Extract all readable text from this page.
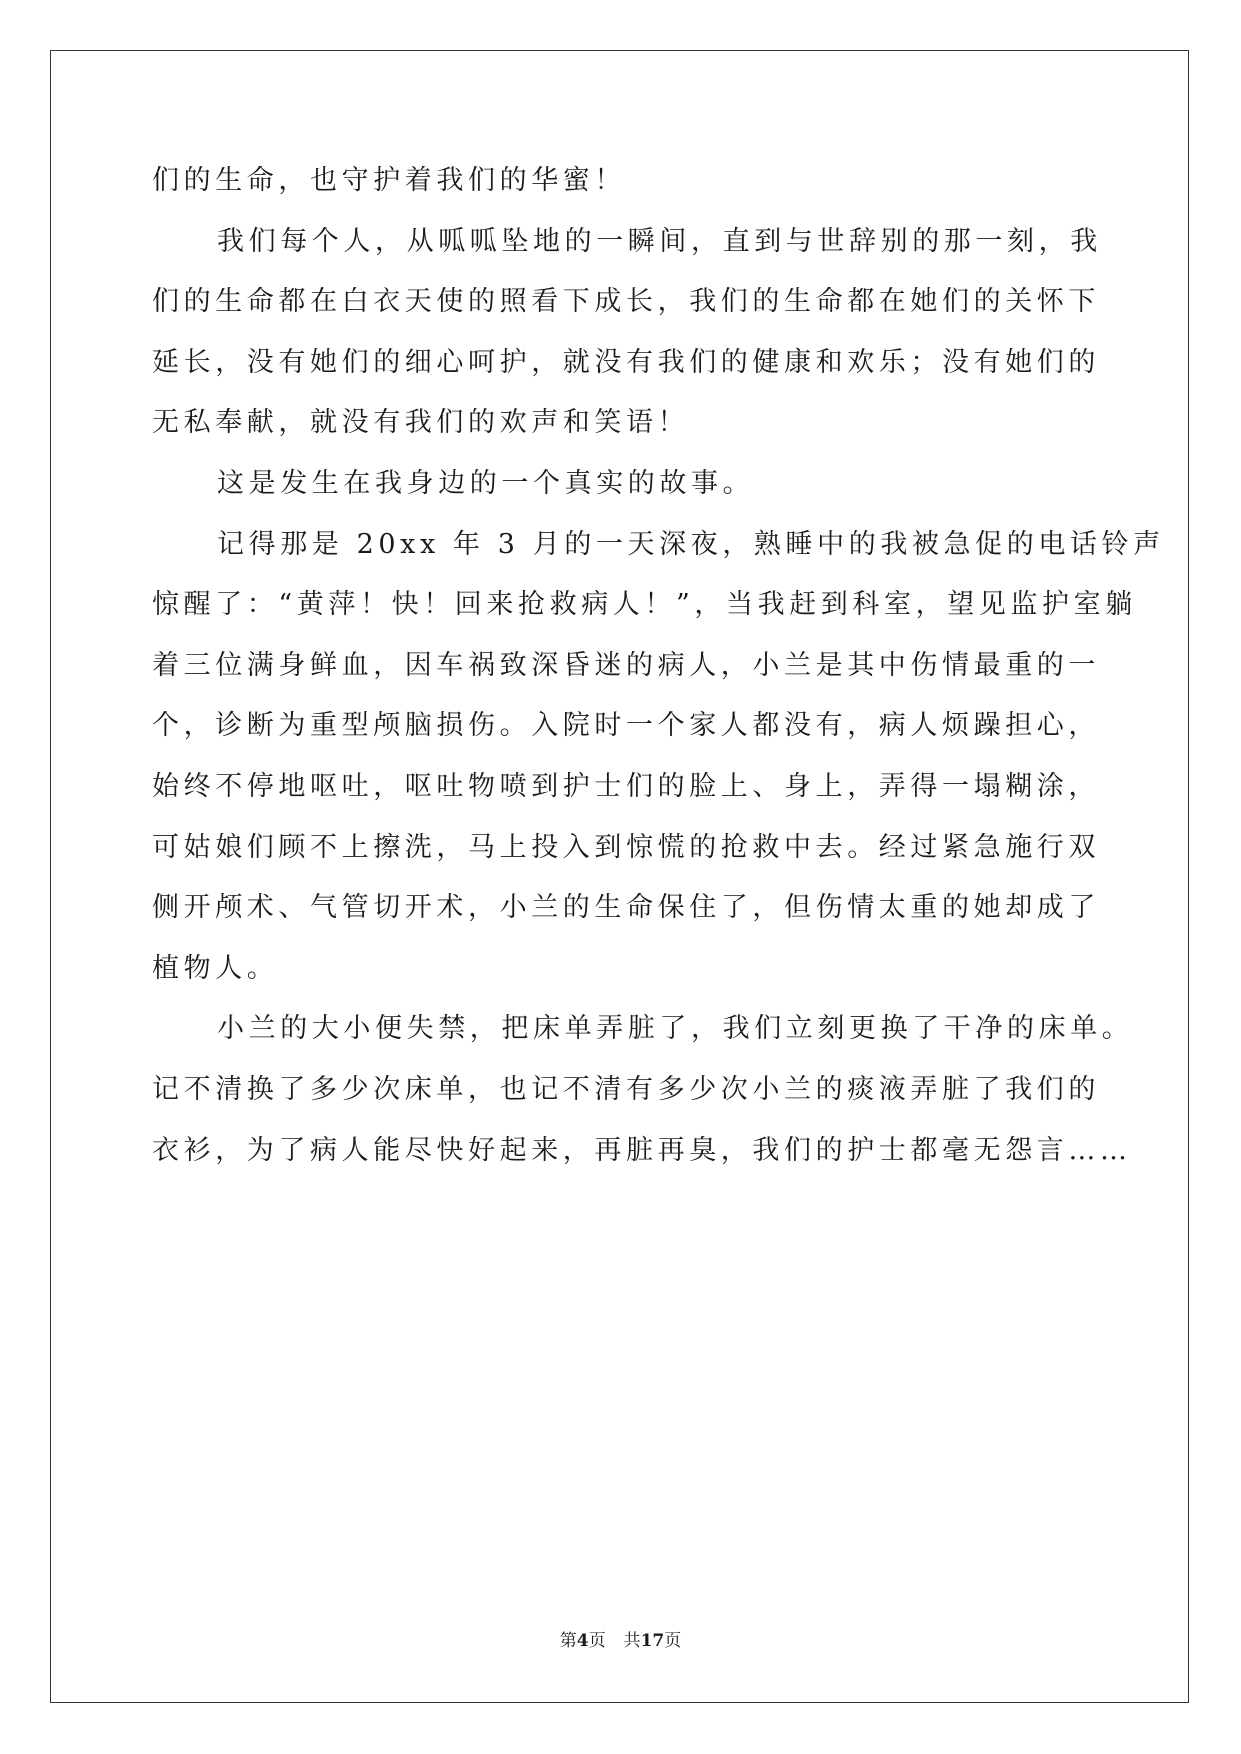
们的生命，也守护着我们的华蜜！
我们每个人，从呱呱坠地的一瞬间，直到与世辞别的那一刻，我
们的生命都在白衣天使的照看下成长，我们的生命都在她们的关怀下
延长，没有她们的细心呵护，就没有我们的健康和欢乐；没有她们的
无私奉献，就没有我们的欢声和笑语！
这是发生在我身边的一个真实的故事。
记得那是 20xx 年 3 月的一天深夜，熟睡中的我被急促的电话铃声
惊醒了：“黄萍！快！回来抢救病人！”，当我赶到科室，望见监护室躺
着三位满身鲜血，因车祸致深昏迷的病人，小兰是其中伤情最重的一
个，诊断为重型颅脑损伤。入院时一个家人都没有，病人烦躁担心，
始终不停地呕吐，呕吐物喷到护士们的脸上、身上，弄得一塌糊涂，
可姑娘们顾不上擦洗，马上投入到惊慌的抢救中去。经过紧急施行双
侧开颅术、气管切开术，小兰的生命保住了，但伤情太重的她却成了
植物人。
小兰的大小便失禁，把床单弄脏了，我们立刻更换了干净的床单。
记不清换了多少次床单，也记不清有多少次小兰的痰液弄脏了我们的
衣衫，为了病人能尽快好起来，再脏再臭，我们的护士都毫无怨言……
第4页 共17页
